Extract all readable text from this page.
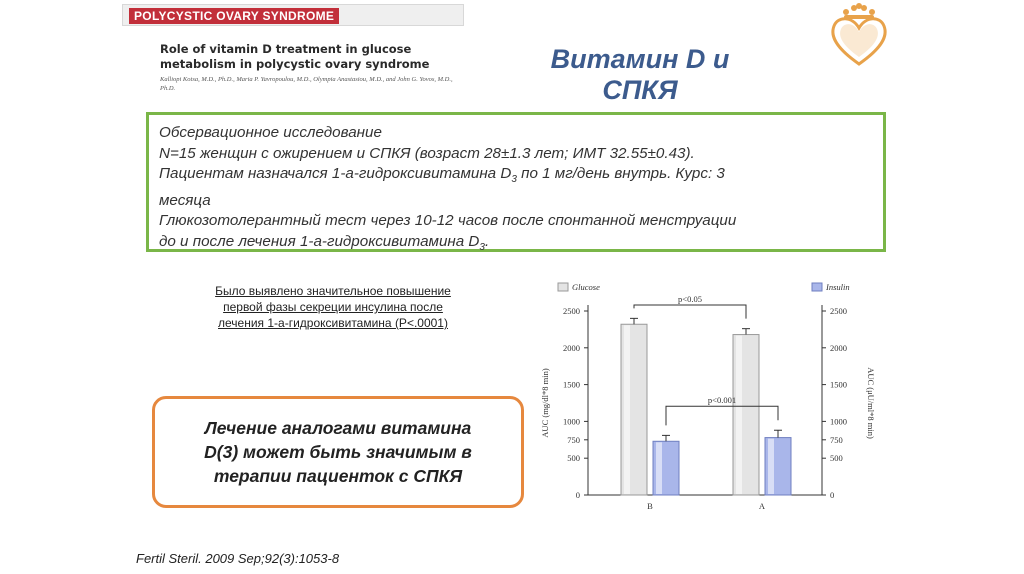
POLYCYSTIC OVARY SYNDROME
Role of vitamin D treatment in glucose metabolism in polycystic ovary syndrome
Kalliopi Kotsa, M.D., Ph.D., Maria P. Yavropoulou, M.D., Olympia Anastasiou, M.D., and John G. Yovos, M.D., Ph.D.
Витамин D и
СПКЯ

Обсервационное исследование

N=15 женщин с ожирением и СПКЯ (возраст 28±1.3 лет; ИМТ 32.55±0.43).

Пациентам назначался 1-а-гидроксивитамина $D_3$ по 1 мг/день внутрь. Курс: 3

месяца

Глюкозотолерантный тест через 10-12 часов после спонтанной менструации

до и после лечения 1-а-гидроксивитамина $D_3$.

Было выявлено значительное повышение
первой фазы секреции инсулина после
лечения 1-а-гидроксивитамина (P<.0001)
Лечение аналогами витамина
D(3) может быть значимым в
терапии пациенток с СПКЯ
0	0
500	500
750	750
1000	1000
1500	1500
2000	2000
2500	2500
AUC (mg/dl*8 min)	AUC (μU/ml*8 min)
B	A
p<0.05
p<0.001
Glucose	Insulin
Fertil Steril. 2009 Sep;92(3):1053-8
